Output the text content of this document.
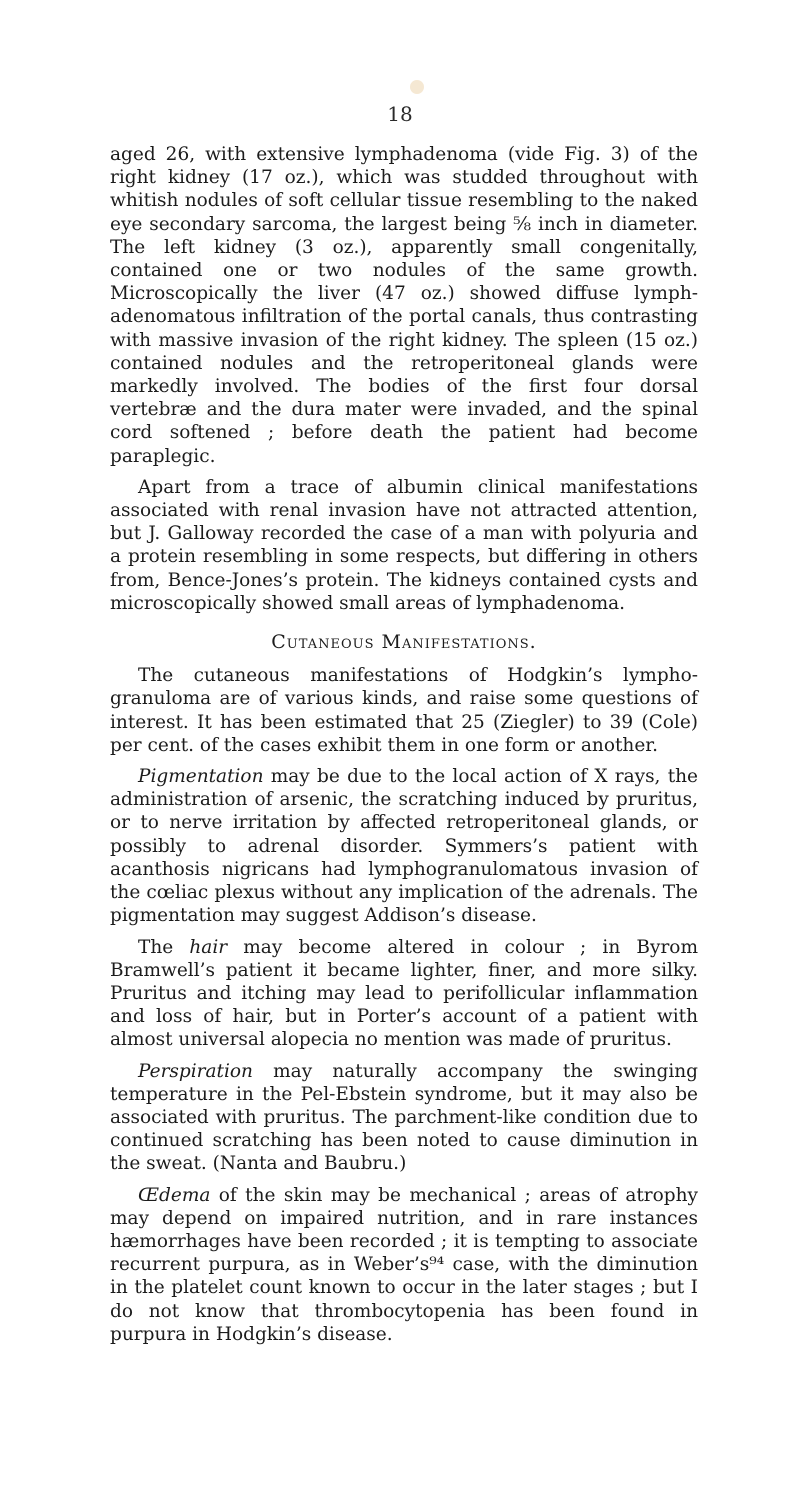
18

aged 26, with extensive lymphadenoma (vide Fig. 3) of the right kidney (17 oz.), which was studded throughout with whitish nodules of soft cellular tissue resembling to the naked eye secondary sarcoma, the largest being ⅝ inch in diameter. The left kidney (3 oz.), apparently small congenitally, contained one or two nodules of the same growth. Microscopically the liver (47 oz.) showed diffuse lymphadenomatous infiltration of the portal canals, thus contrasting with massive invasion of the right kidney. The spleen (15 oz.) contained nodules and the retroperitoneal glands were markedly involved. The bodies of the first four dorsal vertebræ and the dura mater were invaded, and the spinal cord softened ; before death the patient had become paraplegic.

Apart from a trace of albumin clinical manifestations associated with renal invasion have not attracted attention, but J. Galloway recorded the case of a man with polyuria and a protein resembling in some respects, but differing in others from, Bence-Jones’s protein. The kidneys contained cysts and microscopically showed small areas of lymphadenoma.

Cutaneous Manifestations.

The cutaneous manifestations of Hodgkin’s lymphogranuloma are of various kinds, and raise some questions of interest. It has been estimated that 25 (Ziegler) to 39 (Cole) per cent. of the cases exhibit them in one form or another.

Pigmentation may be due to the local action of X rays, the administration of arsenic, the scratching induced by pruritus, or to nerve irritation by affected retroperitoneal glands, or possibly to adrenal disorder. Symmers’s patient with acanthosis nigricans had lymphogranulomatous invasion of the cœliac plexus without any implication of the adrenals. The pigmentation may suggest Addison’s disease.

The hair may become altered in colour ; in Byrom Bramwell’s patient it became lighter, finer, and more silky. Pruritus and itching may lead to perifollicular inflammation and loss of hair, but in Porter’s account of a patient with almost universal alopecia no mention was made of pruritus.

Perspiration may naturally accompany the swinging temperature in the Pel-Ebstein syndrome, but it may also be associated with pruritus. The parchment-like condition due to continued scratching has been noted to cause diminution in the sweat. (Nanta and Baubru.)

Œdema of the skin may be mechanical ; areas of atrophy may depend on impaired nutrition, and in rare instances hæmorrhages have been recorded ; it is tempting to associate recurrent purpura, as in Weber’s⁹⁴ case, with the diminution in the platelet count known to occur in the later stages ; but I do not know that thrombocytopenia has been found in purpura in Hodgkin’s disease.
